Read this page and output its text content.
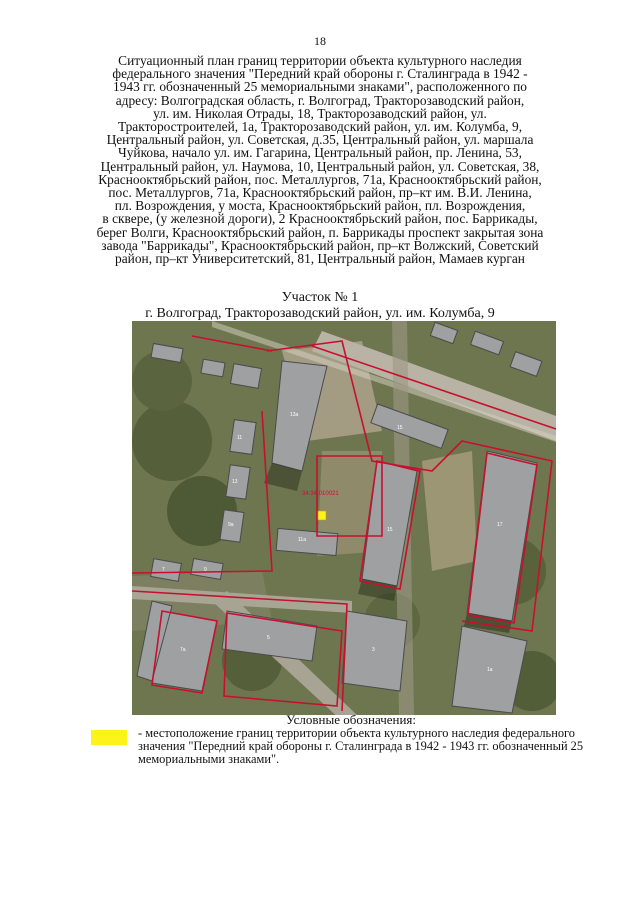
18
Ситуационный план границ территории объекта культурного наследия
федерального значения "Передний край обороны г. Сталинграда в 1942 -
1943 гг. обозначенный 25 мемориальными знаками", расположенного по
адресу: Волгоградская область, г. Волгоград, Тракторозаводский район,
ул. им. Николая Отрады, 18, Тракторозаводский район, ул.
Тракторостроителей, 1а, Тракторозаводский район, ул. им. Колумба, 9,
Центральный район, ул. Советская, д.35, Центральный район, ул. маршала
Чуйкова, начало ул. им. Гагарина, Центральный район, пр. Ленина, 53,
Центральный район, ул. Наумова, 10, Центральный район, ул. Советская, 38,
Краснооктябрьский район, пос. Металлургов, 71а, Краснооктябрьский район,
пос. Металлургов, 71а, Краснооктябрьский район, пр–кт им. В.И. Ленина,
пл. Возрождения, у моста, Краснооктябрьский район, пл. Возрождения,
в сквере, (у железной дороги), 2 Краснооктябрьский район, пос. Баррикады,
берег Волги, Краснооктябрьский район, п. Баррикады проспект закрытая зона
завода "Баррикады", Краснооктябрьский район, пр–кт Волжский, Советский
район, пр–кт Университетский, 81, Центральный район, Мамаев курган
Участок № 1
г. Волгоград, Тракторозаводский район, ул. им. Колумба, 9
34:34:010021
13a
15
15
17
11
13
9a
11a
7	9
7a
5
3
1a
Условные обозначения:
- местоположение границ территории объекта культурного наследия федерального
значения "Передний край обороны г. Сталинграда в 1942 - 1943 гг. обозначенный 25
мемориальными знаками".
